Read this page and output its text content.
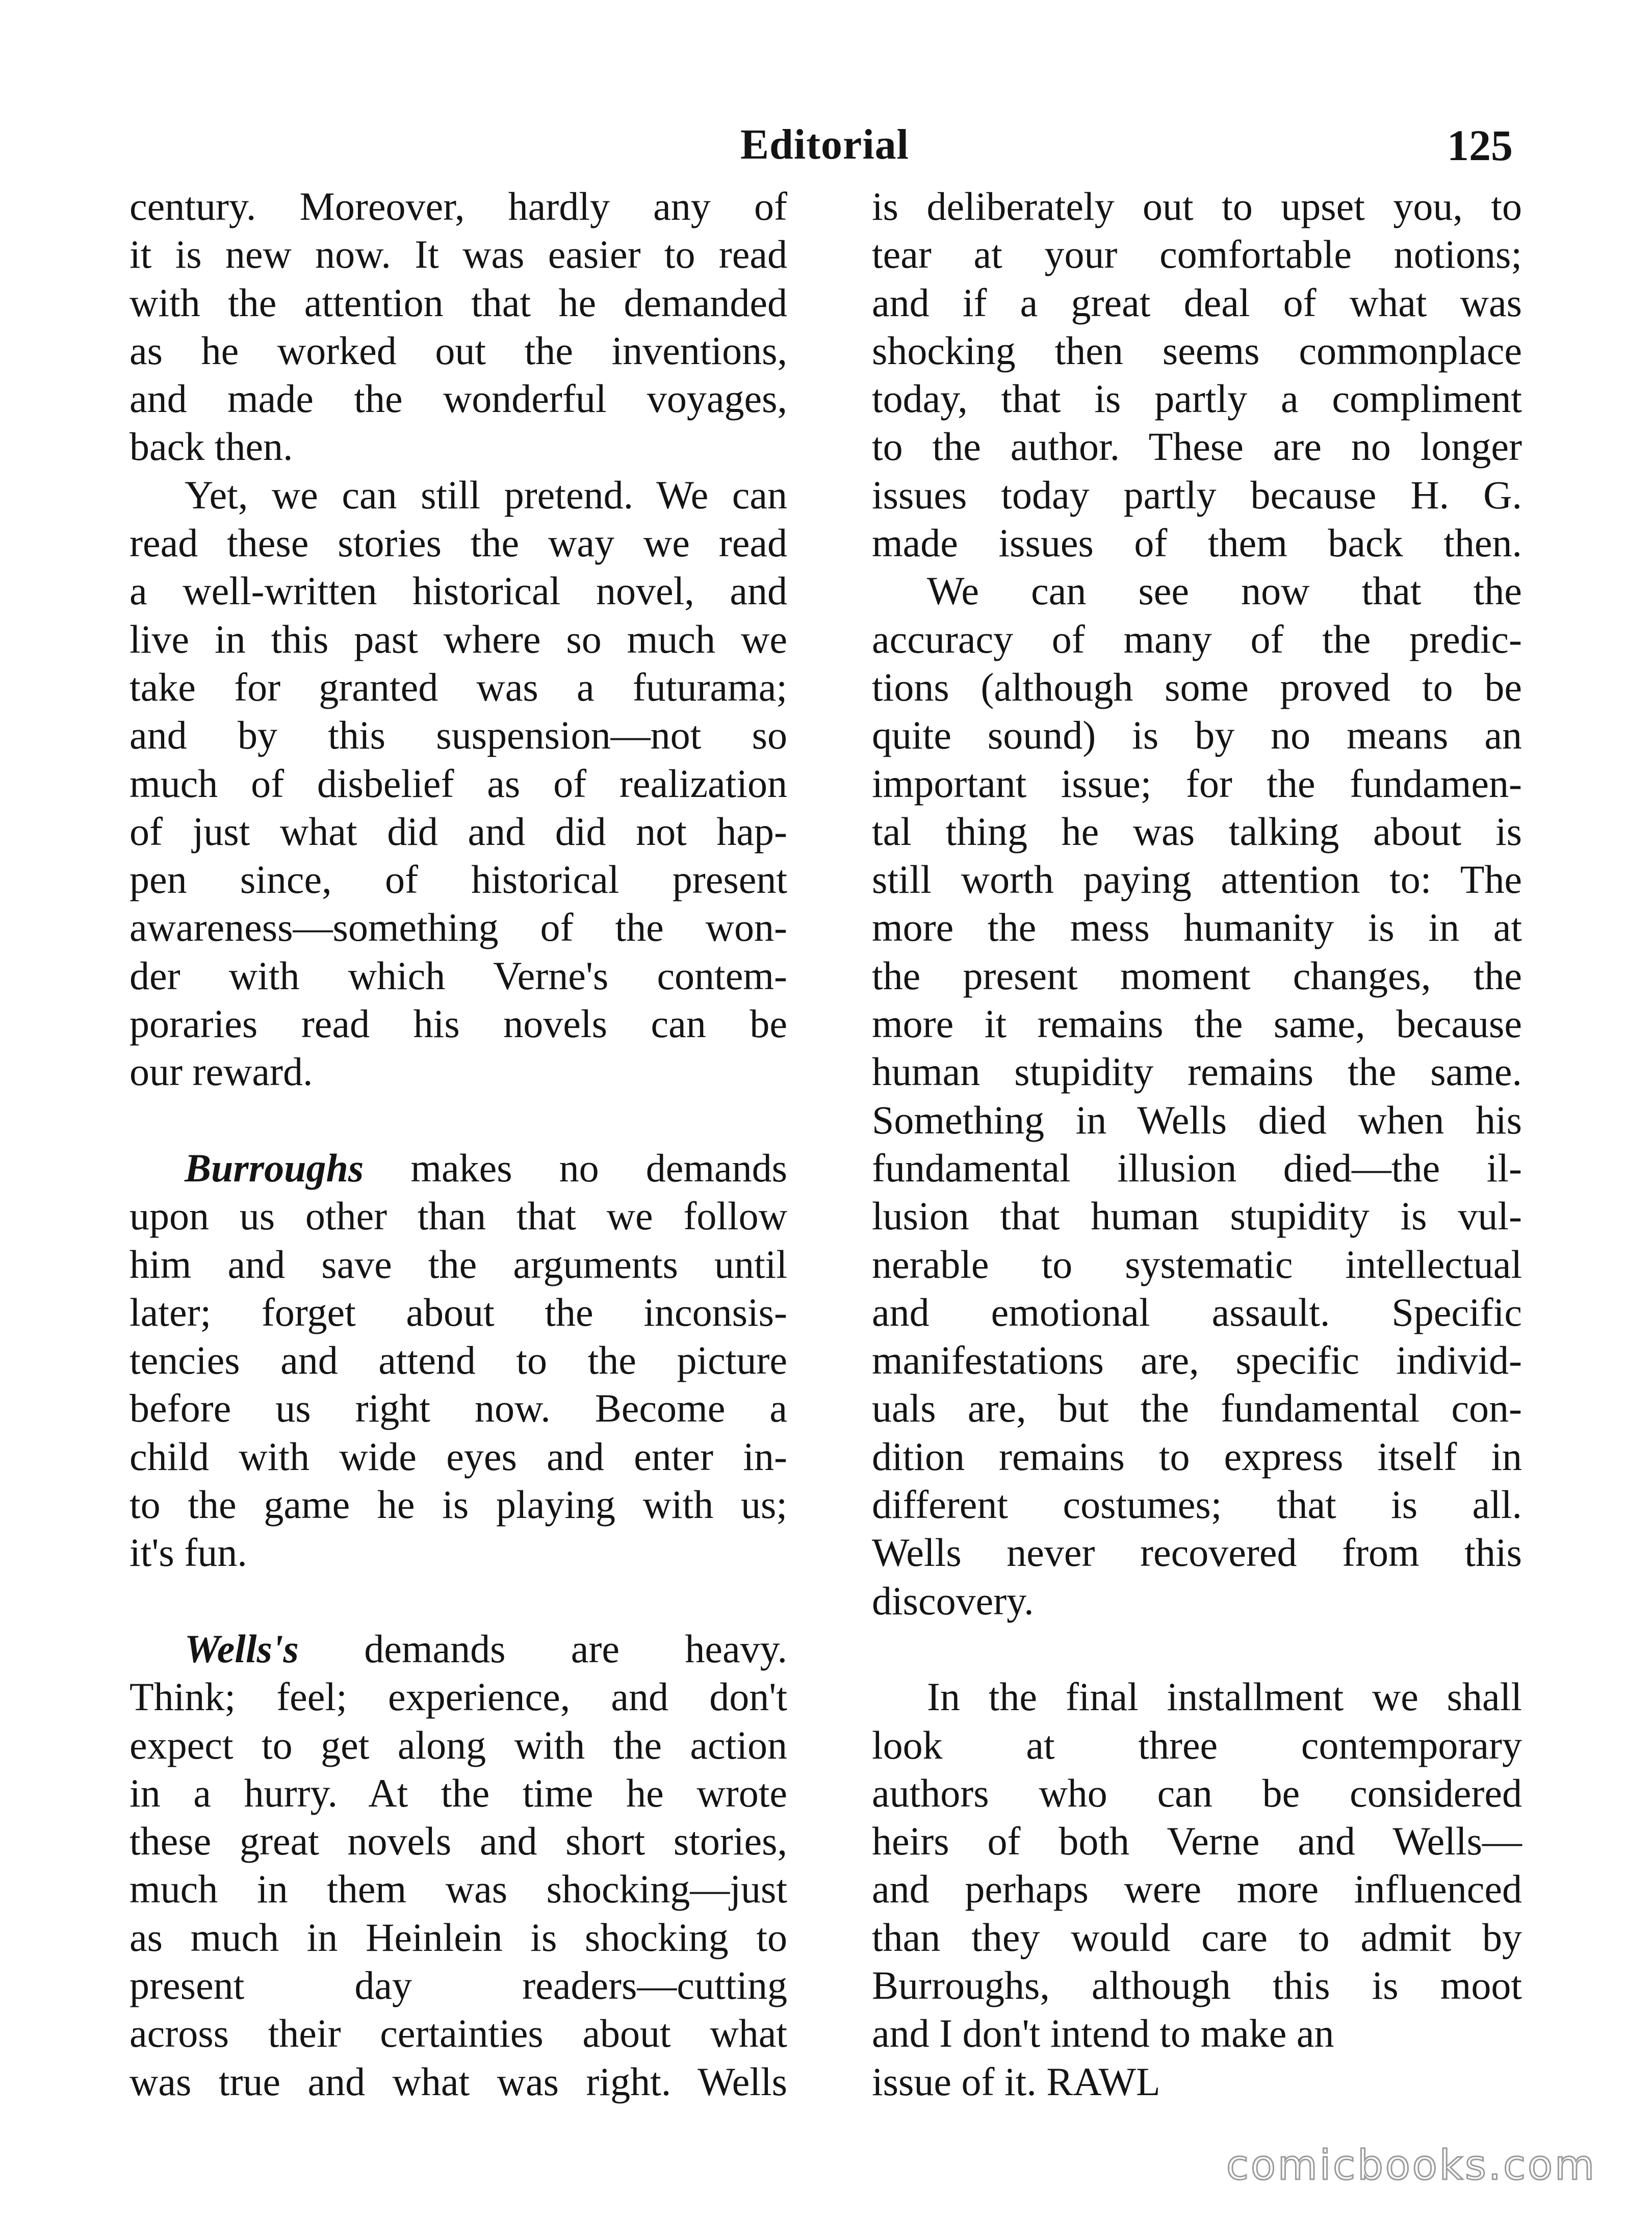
Editorial	125
century. Moreover, hardly any of
it is new now. It was easier to read
with the attention that he demanded
as he worked out the inventions,
and made the wonderful voyages,
back then.
Yet, we can still pretend. We can
read these stories the way we read
a well-written historical novel, and
live in this past where so much we
take for granted was a futurama;
and by this suspension—not so
much of disbelief as of realization
of just what did and did not hap-
pen since, of historical present
awareness—something of the won-
der with which Verne's contem-
poraries read his novels can be
our reward.
Burroughs makes no demands
upon us other than that we follow
him and save the arguments until
later; forget about the inconsis-
tencies and attend to the picture
before us right now. Become a
child with wide eyes and enter in-
to the game he is playing with us;
it's fun.
Wells's demands are heavy.
Think; feel; experience, and don't
expect to get along with the action
in a hurry. At the time he wrote
these great novels and short stories,
much in them was shocking—just
as much in Heinlein is shocking to
present day readers—cutting
across their certainties about what
was true and what was right. Wells
is deliberately out to upset you, to
tear at your comfortable notions;
and if a great deal of what was
shocking then seems commonplace
today, that is partly a compliment
to the author. These are no longer
issues today partly because H. G.
made issues of them back then.
We can see now that the
accuracy of many of the predic-
tions (although some proved to be
quite sound) is by no means an
important issue; for the fundamen-
tal thing he was talking about is
still worth paying attention to: The
more the mess humanity is in at
the present moment changes, the
more it remains the same, because
human stupidity remains the same.
Something in Wells died when his
fundamental illusion died—the il-
lusion that human stupidity is vul-
nerable to systematic intellectual
and emotional assault. Specific
manifestations are, specific individ-
uals are, but the fundamental con-
dition remains to express itself in
different costumes; that is all.
Wells never recovered from this
discovery.
In the final installment we shall
look at three contemporary
authors who can be considered
heirs of both Verne and Wells—
and perhaps were more influenced
than they would care to admit by
Burroughs, although this is moot
and I don't intend to make an
issue of it. RAWL
comicbooks.com
